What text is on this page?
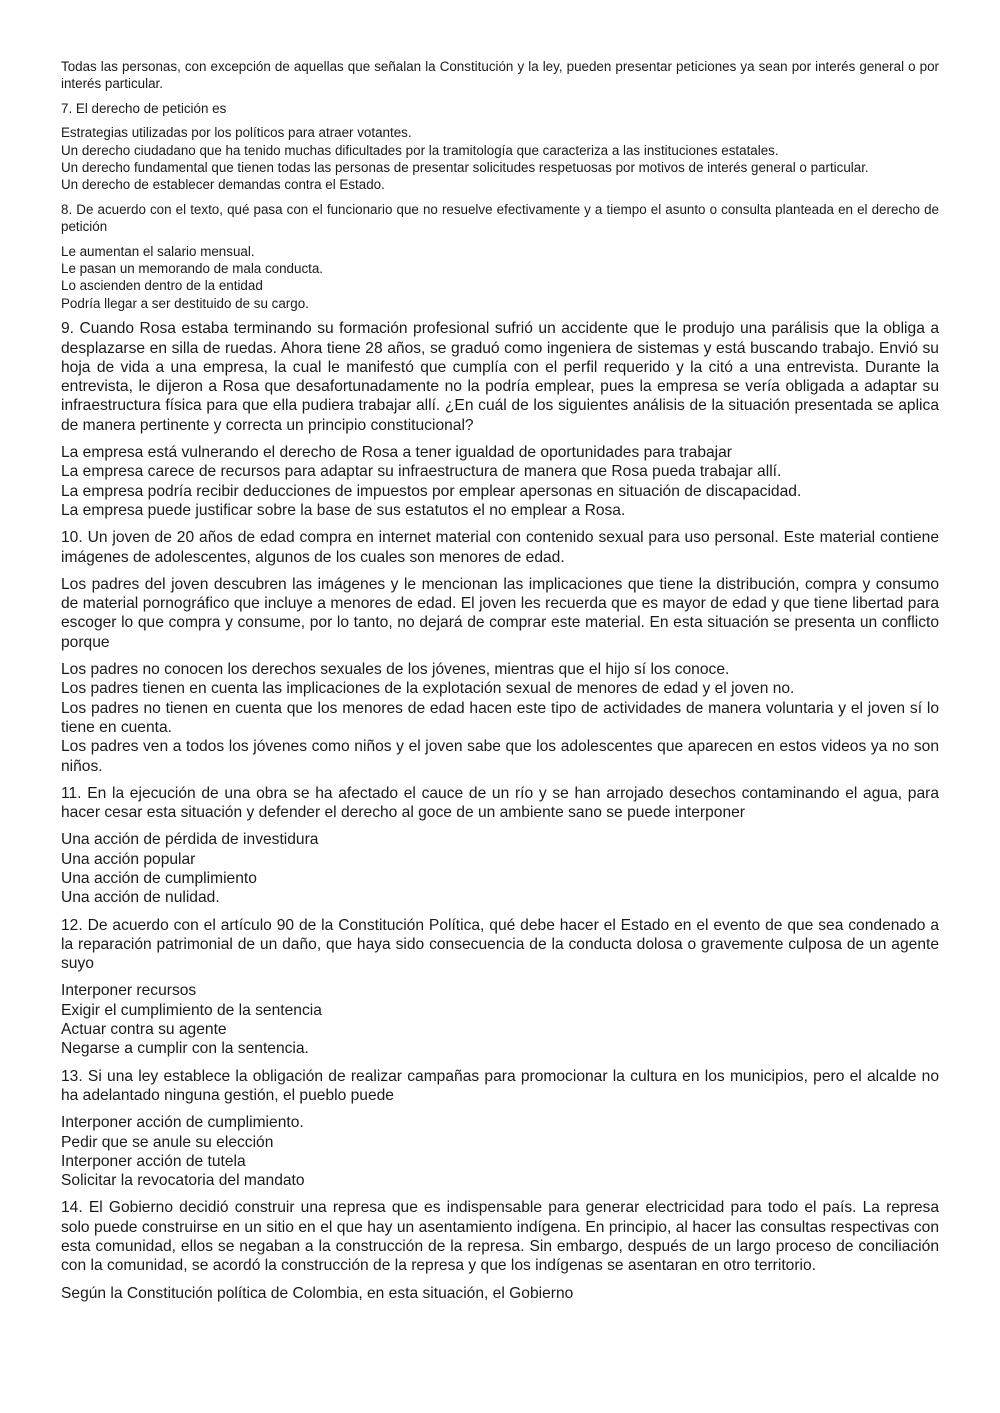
Todas las personas, con excepción de aquellas que señalan la Constitución y la ley, pueden presentar peticiones ya sean por interés general o por interés particular.

7. El derecho de petición es

Estrategias utilizadas por los políticos para atraer votantes.

Un derecho ciudadano que ha tenido muchas dificultades por la tramitología que caracteriza a las instituciones estatales.

Un derecho fundamental que tienen todas las personas de presentar solicitudes respetuosas por motivos de interés general o particular.

Un derecho de establecer demandas contra el Estado.

8. De acuerdo con el texto, qué pasa con el funcionario que no resuelve efectivamente y a tiempo el asunto o consulta planteada en el derecho de petición

Le aumentan el salario mensual.

Le pasan un memorando de mala conducta.

Lo ascienden dentro de la entidad

Podría llegar a ser destituido de su cargo.

9. Cuando Rosa estaba terminando su formación profesional sufrió un accidente que le produjo una parálisis que la obliga a desplazarse en silla de ruedas. Ahora tiene 28 años, se graduó como ingeniera de sistemas y está buscando trabajo. Envió su hoja de vida a una empresa, la cual le manifestó que cumplía con el perfil requerido y la citó a una entrevista. Durante la entrevista, le dijeron a Rosa que desafortunadamente no la podría emplear, pues la empresa se vería obligada a adaptar su infraestructura física para que ella pudiera trabajar allí. ¿En cuál de los siguientes análisis de la situación presentada se aplica de manera pertinente y correcta un principio constitucional?

La empresa está vulnerando el derecho de Rosa a tener igualdad de oportunidades para trabajar

La empresa carece de recursos para adaptar su infraestructura de manera que Rosa pueda trabajar allí.

La empresa podría recibir deducciones de impuestos por emplear apersonas en situación de discapacidad.

La empresa puede justificar sobre la base de sus estatutos el no emplear a Rosa.

10. Un joven de 20 años de edad compra en internet material con contenido sexual para uso personal. Este material contiene imágenes de adolescentes, algunos de los cuales son menores de edad.

Los padres del joven descubren las imágenes y le mencionan las implicaciones que tiene la distribución, compra y consumo de material pornográfico que incluye a menores de edad. El joven les recuerda que es mayor de edad y que tiene libertad para escoger lo que compra y consume, por lo tanto, no dejará de comprar este material. En esta situación se presenta un conflicto porque

Los padres no conocen los derechos sexuales de los jóvenes, mientras que el hijo sí los conoce.

Los padres tienen en cuenta las implicaciones de la explotación sexual de menores de edad y el joven no.

Los padres no tienen en cuenta que los menores de edad hacen este tipo de actividades de manera voluntaria y el joven sí lo tiene en cuenta.

Los padres ven a todos los jóvenes como niños y el joven sabe que los adolescentes que aparecen en estos videos ya no son niños.

11. En la ejecución de una obra se ha afectado el cauce de un río y se han arrojado desechos contaminando el agua, para hacer cesar esta situación y defender el derecho al goce de un ambiente sano se puede interponer

Una acción de pérdida de investidura

Una acción popular

Una acción de cumplimiento

Una acción de nulidad.

12. De acuerdo con el artículo 90 de la Constitución Política, qué debe hacer el Estado en el evento de que sea condenado a la reparación patrimonial de un daño, que haya sido consecuencia de la conducta dolosa o gravemente culposa de un agente suyo

Interponer recursos

Exigir el cumplimiento de la sentencia

Actuar contra su agente

Negarse a cumplir con la sentencia.

13. Si una ley establece la obligación de realizar campañas para promocionar la cultura en los municipios, pero el alcalde no ha adelantado ninguna gestión, el pueblo puede

Interponer acción de cumplimiento.

Pedir que se anule su elección

Interponer acción de tutela

Solicitar la revocatoria del mandato

14. El Gobierno decidió construir una represa que es indispensable para generar electricidad para todo el país. La represa solo puede construirse en un sitio en el que hay un asentamiento indígena. En principio, al hacer las consultas respectivas con esta comunidad, ellos se negaban a la construcción de la represa. Sin embargo, después de un largo proceso de conciliación con la comunidad, se acordó la construcción de la represa y que los indígenas se asentaran en otro territorio.

Según la Constitución política de Colombia, en esta situación, el Gobierno
